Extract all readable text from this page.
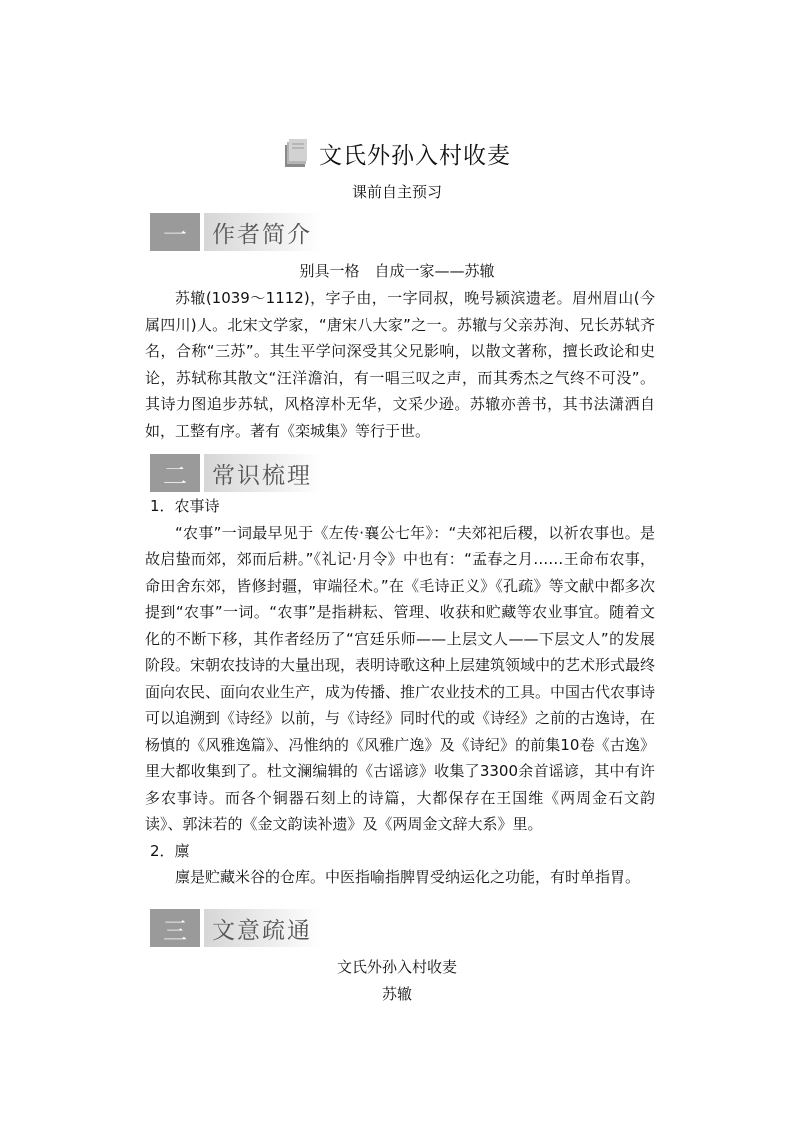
文氏外孙入村收麦
课前自主预习
一 作者简介
别具一格　自成一家——苏辙

苏辙(1039～1112)，字子由，一字同叔，晚号颍滨遗老。眉州眉山(今属四川)人。北宋文学家，“唐宋八大家”之一。苏辙与父亲苏洵、兄长苏轼齐名，合称“三苏”。其生平学问深受其父兄影响，以散文著称，擅长政论和史论，苏轼称其散文“汪洋澹泊，有一唱三叹之声，而其秀杰之气终不可没”。其诗力图追步苏轼，风格淳朴无华，文采少逊。苏辙亦善书，其书法潇洒自如，工整有序。著有《栾城集》等行于世。

二 常识梳理

1．农事诗

“农事”一词最早见于《左传·襄公七年》：“夫郊祀后稷，以祈农事也。是故启蛰而郊，郊而后耕。”《礼记·月令》中也有：“孟春之月……王命布农事，命田舍东郊，皆修封疆，审端径术。”在《毛诗正义》《孔疏》等文献中都多次提到“农事”一词。“农事”是指耕耘、管理、收获和贮藏等农业事宜。随着文化的不断下移，其作者经历了“宫廷乐师——上层文人——下层文人”的发展阶段。宋朝农技诗的大量出现，表明诗歌这种上层建筑领域中的艺术形式最终面向农民、面向农业生产，成为传播、推广农业技术的工具。中国古代农事诗可以追溯到《诗经》以前，与《诗经》同时代的或《诗经》之前的古逸诗，在杨慎的《风雅逸篇》、冯惟纳的《风雅广逸》及《诗纪》的前集10卷《古逸》里大都收集到了。杜文澜编辑的《古谣谚》收集了3300余首谣谚，其中有许多农事诗。而各个铜器石刻上的诗篇，大都保存在王国维《两周金石文韵读》、郭沫若的《金文韵读补遗》及《两周金文辞大系》里。

2．廪

廪是贮藏米谷的仓库。中医指喻指脾胃受纳运化之功能，有时单指胃。

三 文意疏通
文氏外孙入村收麦
苏辙
